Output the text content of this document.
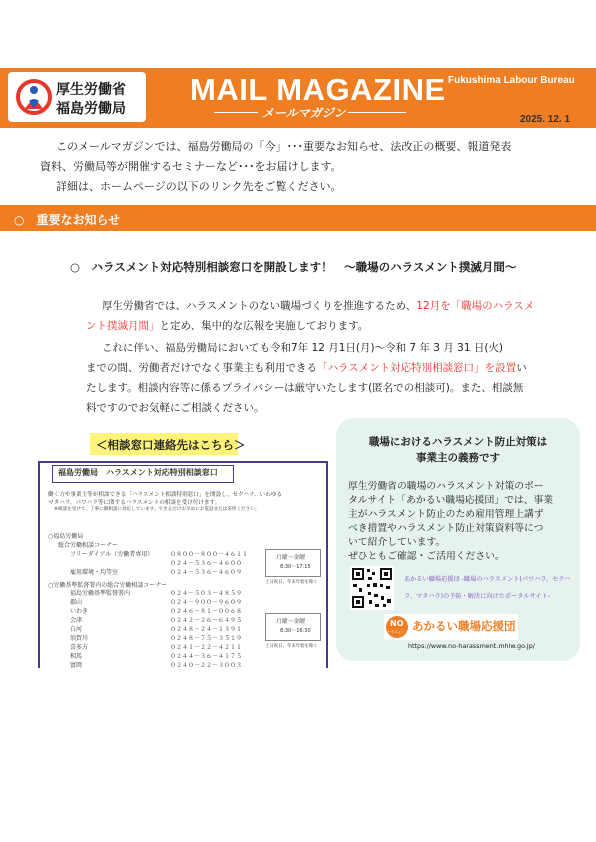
厚生労働省
福島労働局
MAIL MAGAZINE
メールマガジン
Fukushima Labour Bureau
2025. 12. 1
このメールマガジンでは、福島労働局の「今」･･･重要なお知らせ、法改正の概要、報道発表
資料、労働局等が開催するセミナーなど･･･をお届けします。
詳細は、ホームページの以下のリンク先をご覧ください。
○　重要なお知らせ
○　ハラスメント対応特別相談窓口を開設します！　～職場のハラスメント撲滅月間～
厚生労働省では、ハラスメントのない職場づくりを推進するため、12月を「職場のハラスメ
ント撲滅月間」と定め、集中的な広報を実施しております。
これに伴い、福島労働局においても令和7年 12 月1日(月)～令和 7 年 3 月 31 日(火)
までの間、労働者だけでなく事業主も利用できる「ハラスメント対応特別相談窓口」を設置い
たします。相談内容等に係るプライバシーは厳守いたします(匿名での相談可)。また、相談無
料ですのでお気軽にご相談ください。
＜相談窓口連絡先はこちら＞
福島労働局　ハラスメント対応特別相談窓口
働く方や事業主等が相談できる「ハラスメント相談特別窓口」を開設し、セクハラ、いわゆる
マタハラ、パワハラ等に関するハラスメントの相談を受け付けます。
※相談を受けて、丁寧に御相談に対応しています。できるだけお早めにお電話または来所ください。
○福島労働局
総合労働相談コーナー
フリーダイアル（労働者専用）	０８００－８００－４６１１
０２４－５３６－４６００
雇用環境・均等室	０２４－５３６－４６０９
月曜～金曜
8:30～17:15
土日祝日、年末年始を除く
○労働基準監督署内の総合労働相談コーナー
福島労働基準監督署内	０２４－５０３－４８５９
郡山	０２４－９００－９６０９
いわき	０２４６－８１－００６８
会津	０２４２－２６－６４９５
白河	０２４８－２４－１３９１
須賀川	０２４８－７５－３５１９
喜多方	０２４１－２２－４２１１
相馬	０２４４－３６－４１７５
富岡	０２４０－２２－３００３
月曜～金曜
8:30～16:30
土日祝日、年末年始を除く
職場におけるハラスメント防止対策は
事業主の義務です
厚生労働省の職場のハラスメント対策のポー
タルサイト「あかるい職場応援団」では、事業
主がハラスメント防止のため雇用管理上講ず
べき措置やハラスメント防止対策資料等につ
いて紹介しています。
ぜひともご確認・ご活用ください。
あかるい職場応援団 -職場のハラスメント(パワハラ、セクハ
ラ、マタハラ)の予防・解決に向けたポータルサイト-
NO
ハラスメント あかるい職場応援団
https://www.no-harassment.mhlw.go.jp/
